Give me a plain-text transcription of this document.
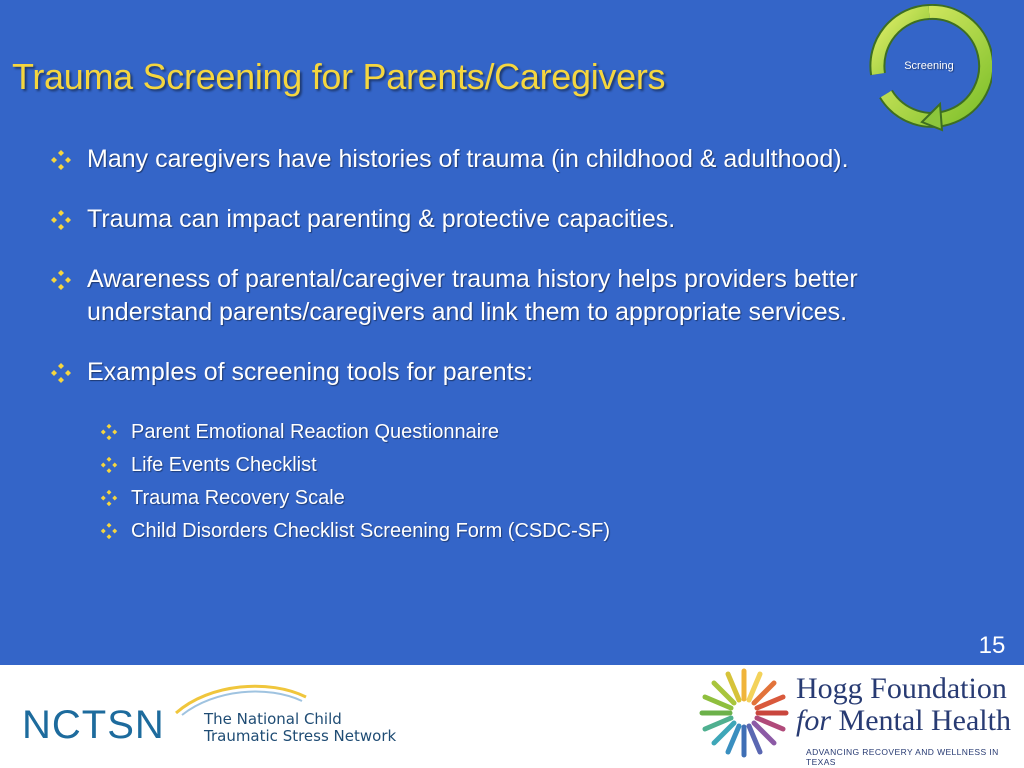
Trauma Screening for Parents/Caregivers	Screening
Many caregivers have histories of trauma (in childhood & adulthood).
Trauma can impact parenting & protective capacities.
Awareness of parental/caregiver trauma history helps providers better understand parents/caregivers and link them to appropriate services.
Examples of screening tools for parents:
Parent Emotional Reaction Questionnaire
Life Events Checklist
Trauma Recovery Scale
Child Disorders Checklist Screening Form (CSDC-SF)
15
NCTSN	The National Child
Traumatic Stress Network
Hogg Foundation
for Mental Health
ADVANCING RECOVERY AND WELLNESS IN TEXAS
